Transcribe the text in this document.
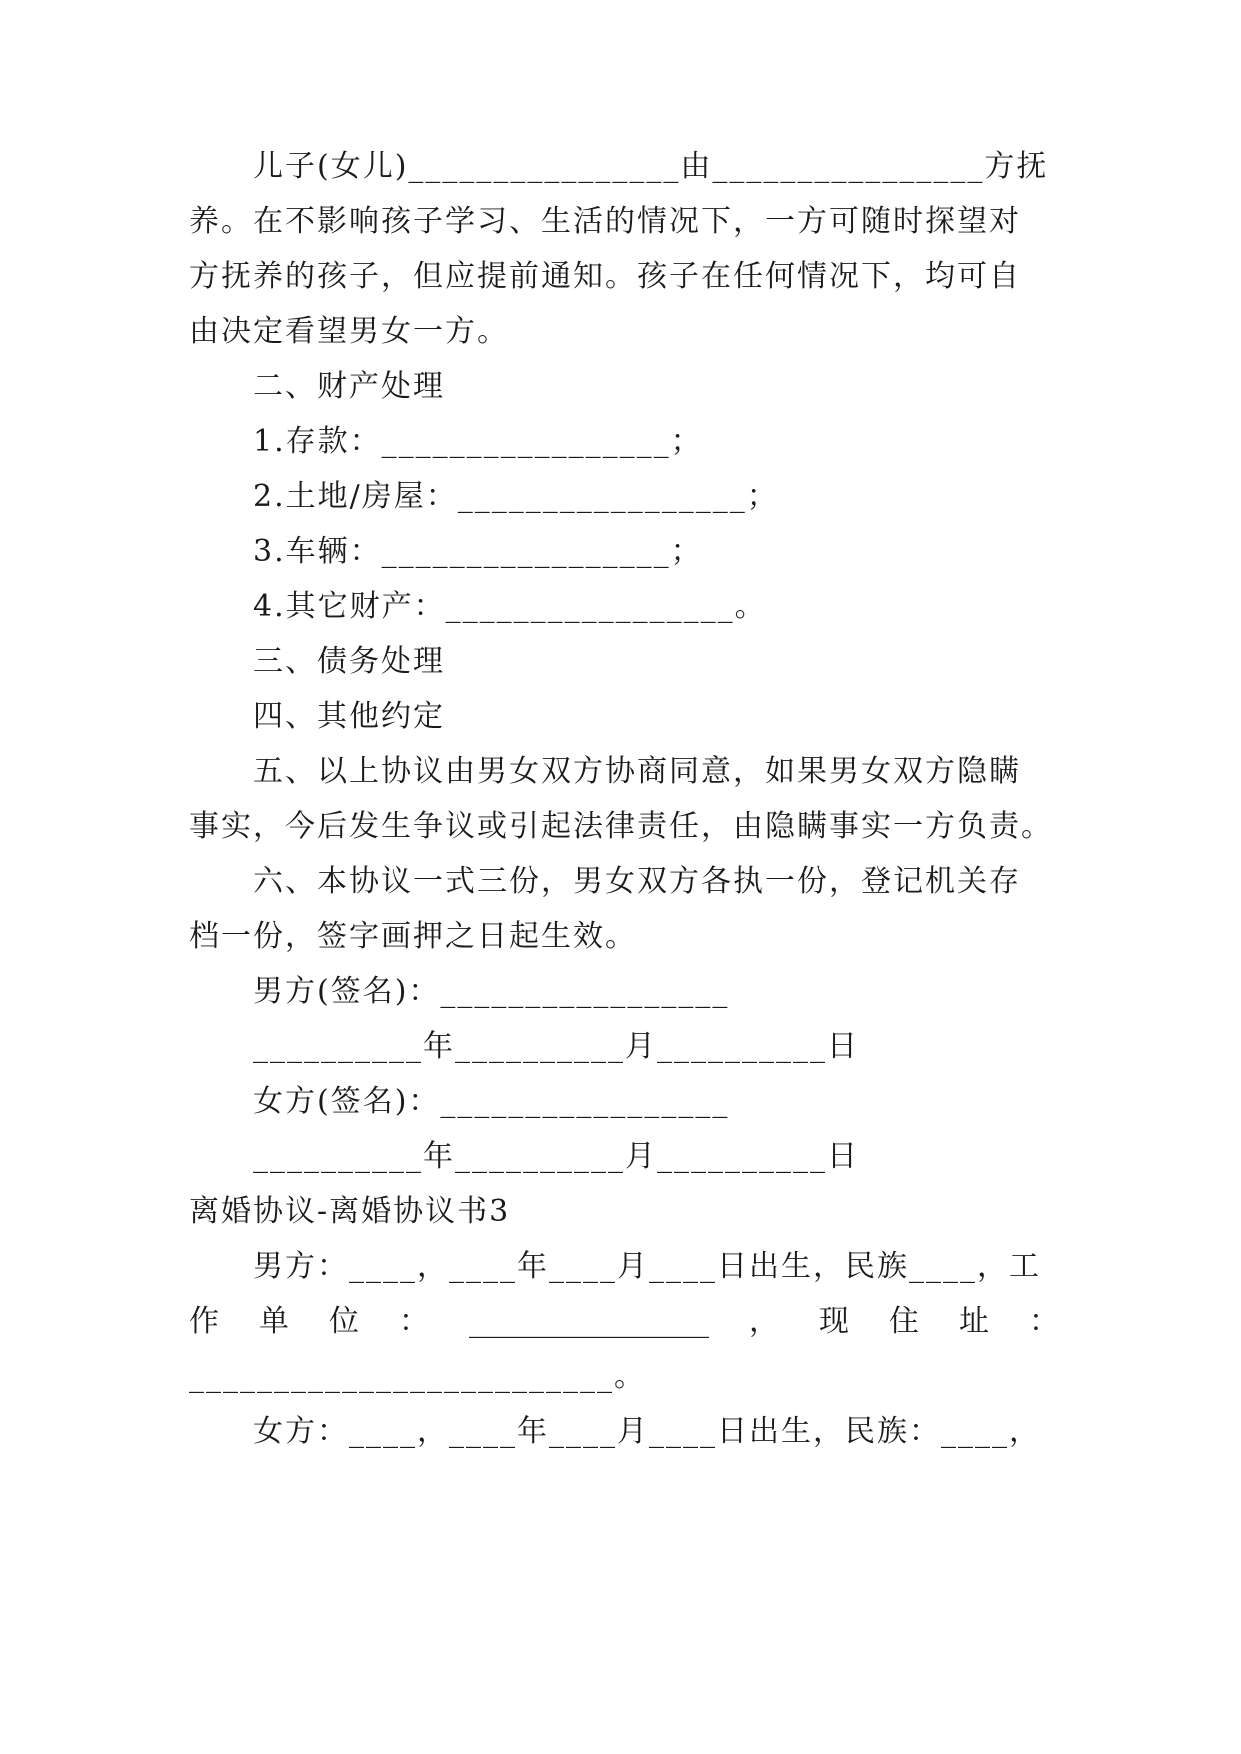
儿子(女儿)________________由________________方抚
养。在不影响孩子学习、生活的情况下，一方可随时探望对
方抚养的孩子，但应提前通知。孩子在任何情况下，均可自
由决定看望男女一方。
二、财产处理
1.存款：_________________；
2.土地/房屋：_________________；
3.车辆：_________________；
4.其它财产：_________________。
三、债务处理
四、其他约定
五、以上协议由男女双方协商同意，如果男女双方隐瞒
事实，今后发生争议或引起法律责任，由隐瞒事实一方负责。
六、本协议一式三份，男女双方各执一份，登记机关存
档一份，签字画押之日起生效。
男方(签名)：_________________
__________年__________月__________日
女方(签名)：_________________
__________年__________月__________日
离婚协议-离婚协议书3
男方：____，____年____月____日出生，民族____，工
作 单 位 ： ________________ ， 现 住 址 ：
_________________________。
女方：____，____年____月____日出生，民族：____，
